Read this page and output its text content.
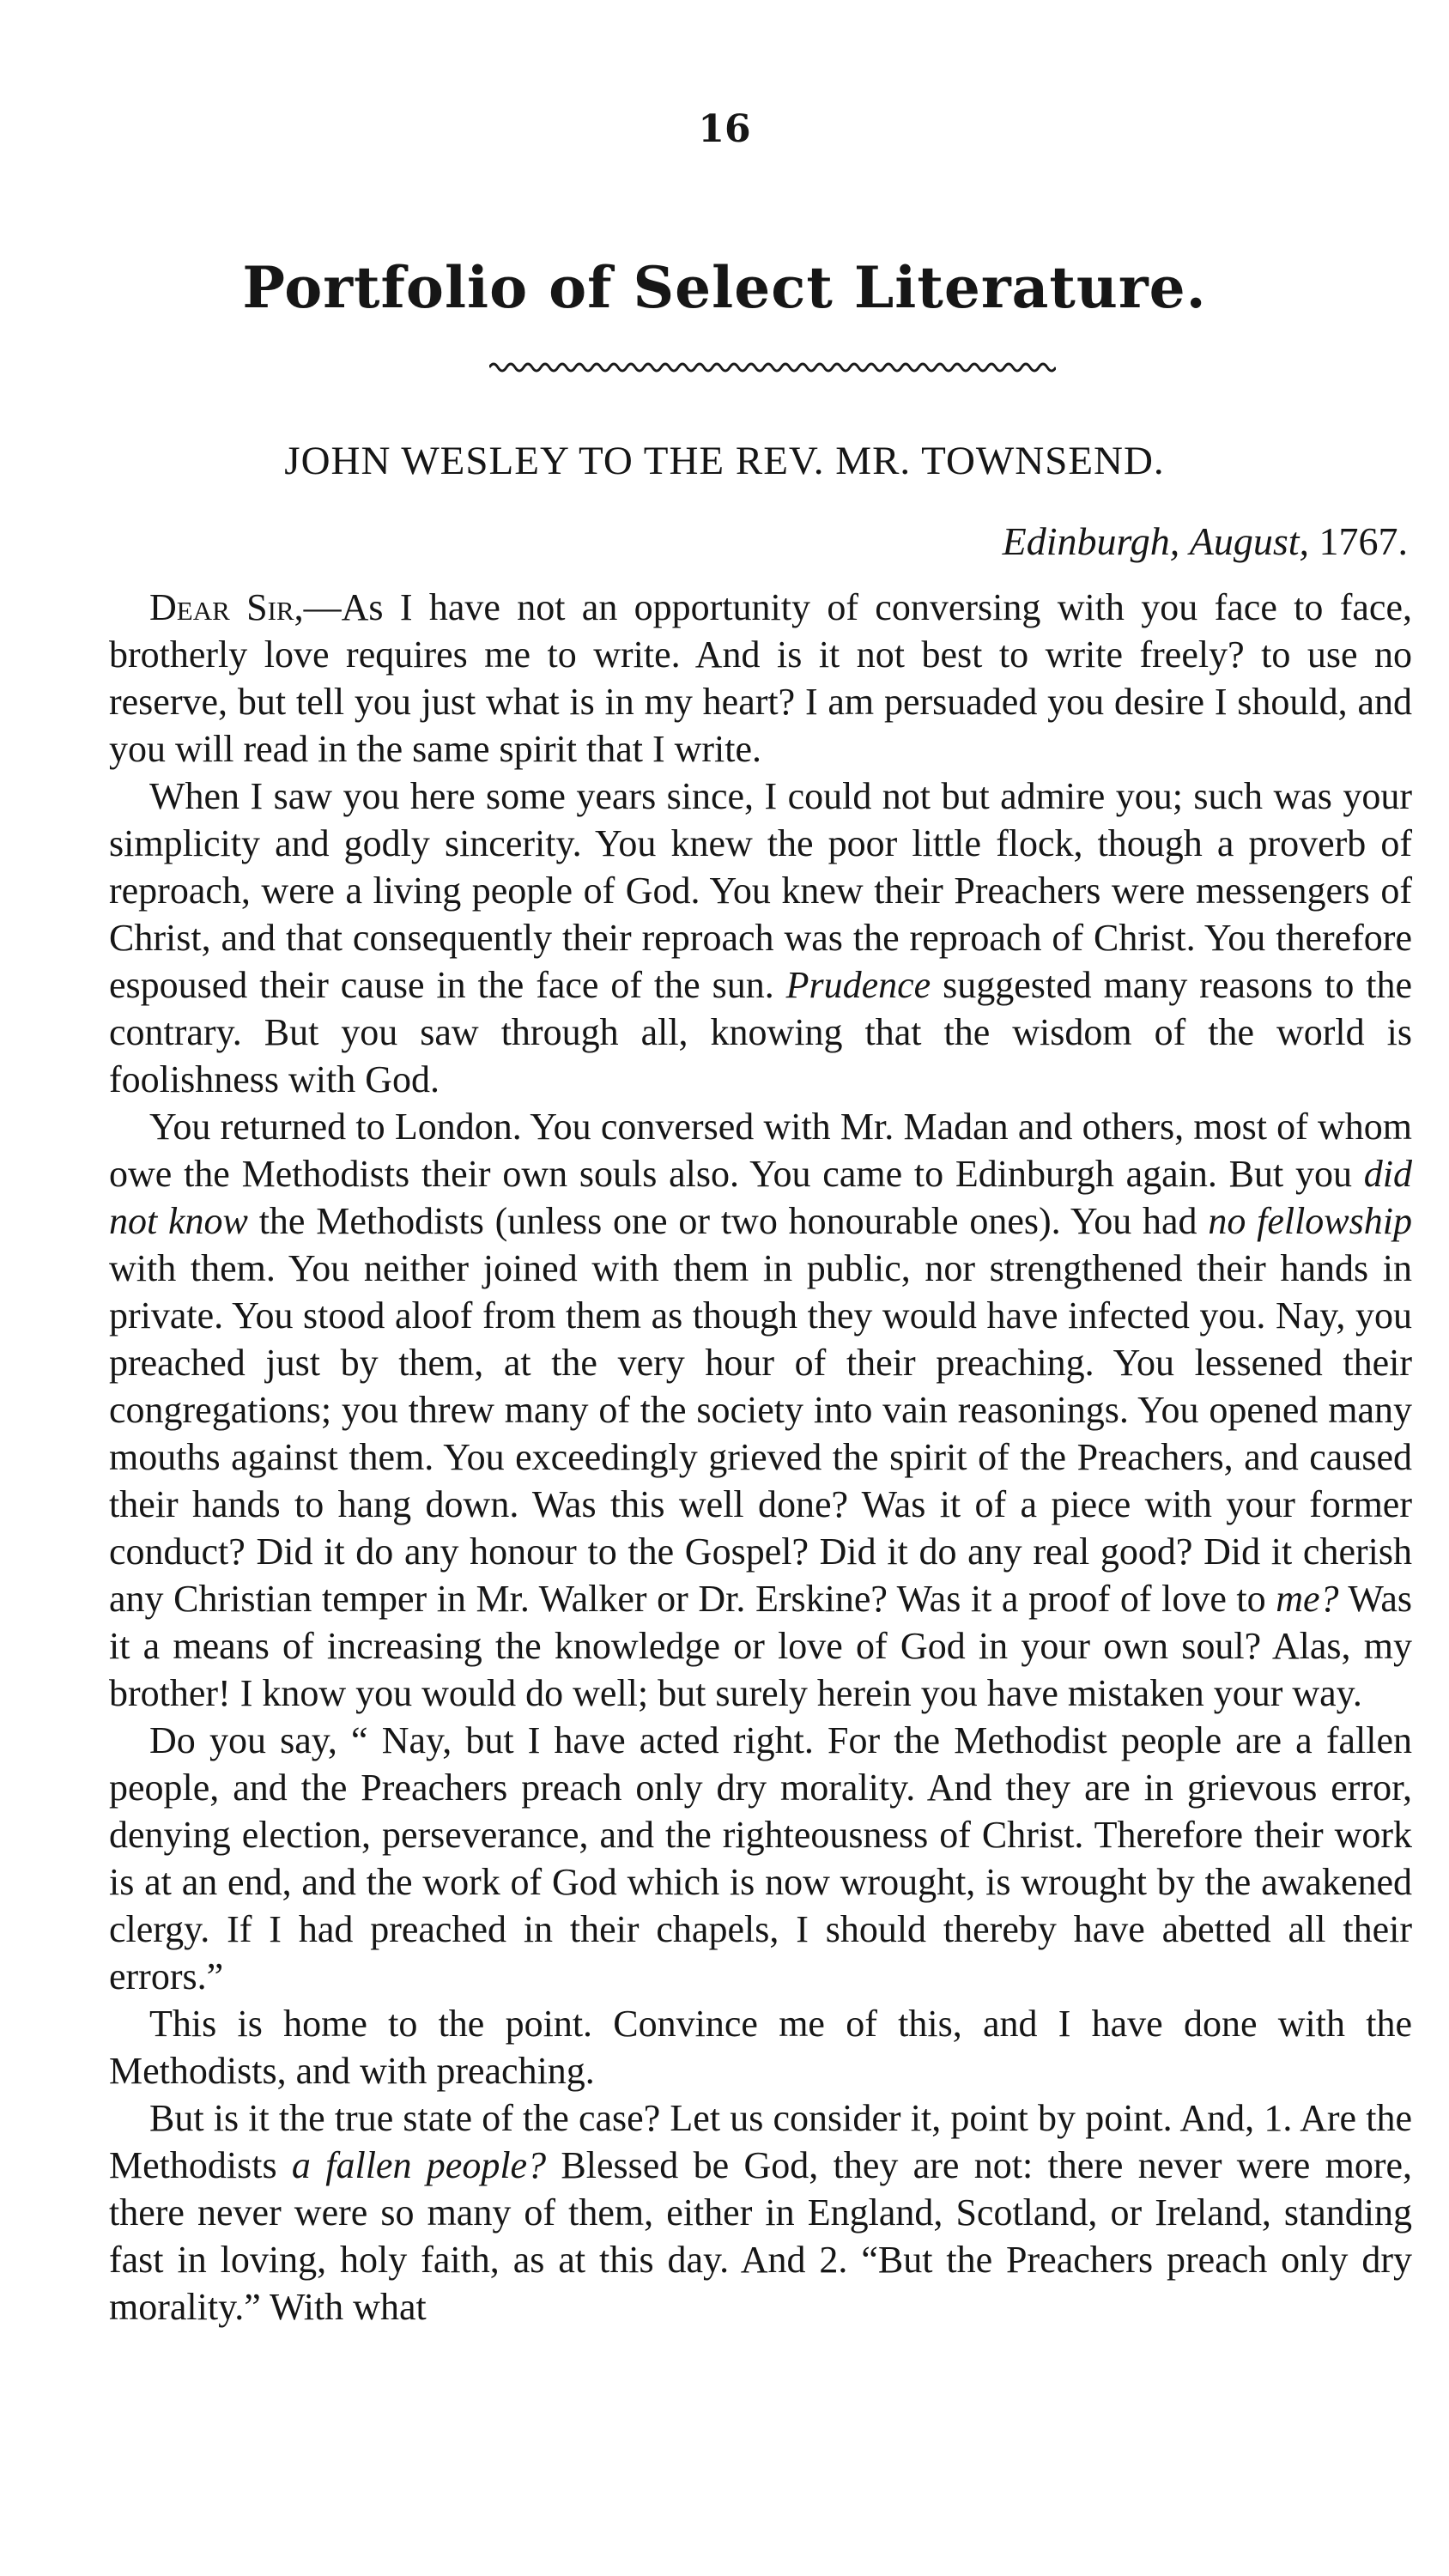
16
Portfolio of Select Literature.
JOHN WESLEY TO THE REV. MR. TOWNSEND.
Edinburgh, August, 1767.

Dear Sir,—As I have not an opportunity of conversing with you face to face, brotherly love requires me to write. And is it not best to write freely? to use no reserve, but tell you just what is in my heart? I am persuaded you desire I should, and you will read in the same spirit that I write.

When I saw you here some years since, I could not but admire you; such was your simplicity and godly sincerity. You knew the poor little flock, though a proverb of reproach, were a living people of God. You knew their Preachers were messengers of Christ, and that consequently their reproach was the reproach of Christ. You therefore espoused their cause in the face of the sun. Prudence suggested many reasons to the contrary. But you saw through all, knowing that the wisdom of the world is foolishness with God.

You returned to London. You conversed with Mr. Madan and others, most of whom owe the Methodists their own souls also. You came to Edinburgh again. But you did not know the Methodists (unless one or two honourable ones). You had no fellowship with them. You neither joined with them in public, nor strengthened their hands in private. You stood aloof from them as though they would have infected you. Nay, you preached just by them, at the very hour of their preaching. You lessened their congregations; you threw many of the society into vain reasonings. You opened many mouths against them. You exceedingly grieved the spirit of the Preachers, and caused their hands to hang down. Was this well done? Was it of a piece with your former conduct? Did it do any honour to the Gospel? Did it do any real good? Did it cherish any Christian temper in Mr. Walker or Dr. Erskine? Was it a proof of love to me? Was it a means of increasing the knowledge or love of God in your own soul? Alas, my brother! I know you would do well; but surely herein you have mistaken your way.

Do you say, “ Nay, but I have acted right. For the Methodist people are a fallen people, and the Preachers preach only dry morality. And they are in grievous error, denying election, perseverance, and the righteousness of Christ. Therefore their work is at an end, and the work of God which is now wrought, is wrought by the awakened clergy. If I had preached in their chapels, I should thereby have abetted all their errors.”

This is home to the point. Convince me of this, and I have done with the Methodists, and with preaching.

But is it the true state of the case? Let us consider it, point by point. And, 1. Are the Methodists a fallen people? Blessed be God, they are not: there never were more, there never were so many of them, either in England, Scotland, or Ireland, standing fast in loving, holy faith, as at this day. And 2. “But the Preachers preach only dry morality.” With what
